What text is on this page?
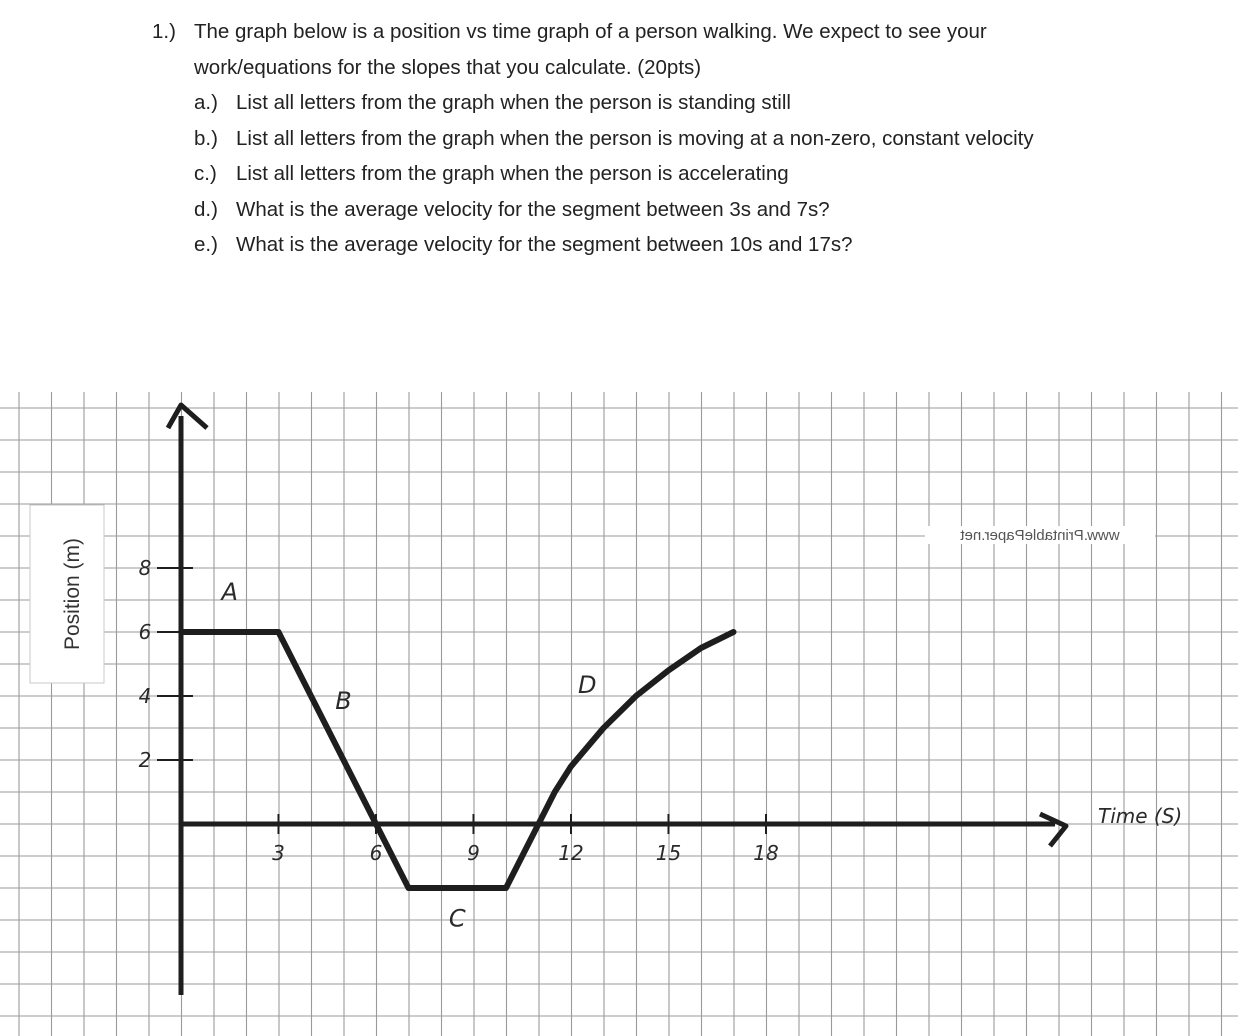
1.) The graph below is a position vs time graph of a person walking. We expect to see your
work/equations for the slopes that you calculate. (20pts)
a.) List all letters from the graph when the person is standing still
b.) List all letters from the graph when the person is moving at a non-zero, constant velocity
c.) List all letters from the graph when the person is accelerating
d.) What is the average velocity for the segment between 3s and 7s?
e.) What is the average velocity for the segment between 10s and 17s?
www.PrintablePaper.net
3	6	9	12	15	18
2
4
6
8
A
B
C
D
Position (m)
Time (S)
